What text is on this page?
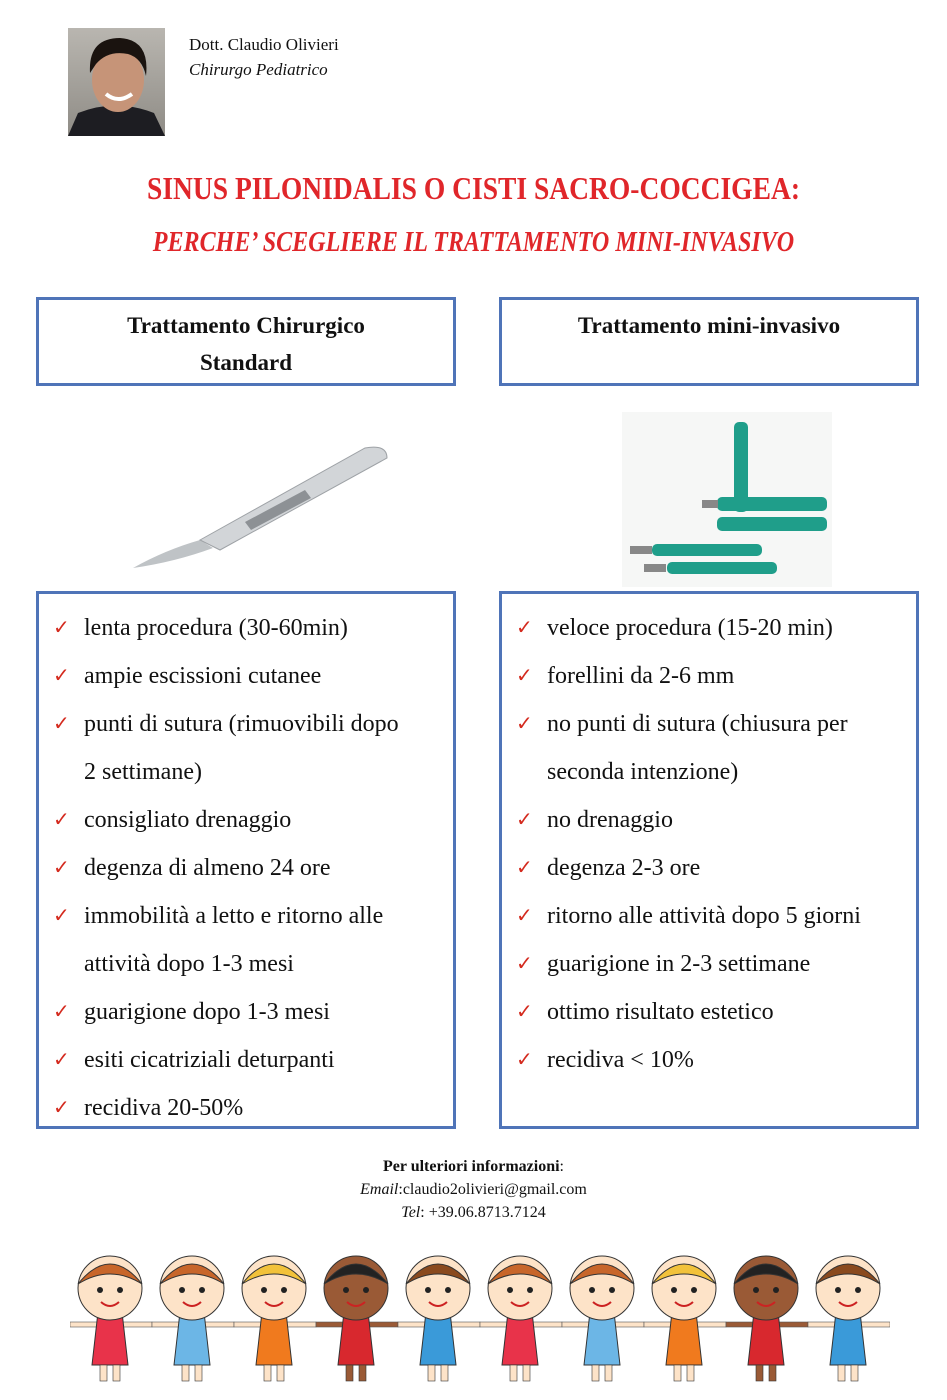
Dott. Claudio Olivieri
Chirurgo Pediatrico
SINUS PILONIDALIS O CISTI SACRO-COCCIGEA:
PERCHE’ SCEGLIERE IL TRATTAMENTO MINI-INVASIVO
Trattamento Chirurgico Standard
Trattamento mini-invasivo
✓ lenta procedura (30-60min)
✓ ampie escissioni cutanee
✓ punti di sutura (rimuovibili dopo 2 settimane)
✓ consigliato drenaggio
✓ degenza di almeno 24 ore
✓ immobilità a letto e ritorno alle attività dopo 1-3 mesi
✓ guarigione dopo 1-3 mesi
✓ esiti cicatriziali deturpanti
✓ recidiva 20-50%
✓ veloce procedura (15-20 min)
✓ forellini da 2-6 mm
✓ no punti di sutura (chiusura per seconda intenzione)
✓ no drenaggio
✓ degenza 2-3 ore
✓ ritorno alle attività dopo 5 giorni
✓ guarigione in 2-3 settimane
✓ ottimo risultato estetico
✓ recidiva < 10%
Per ulteriori informazioni:
Email:claudio2olivieri@gmail.com
Tel: +39.06.8713.7124
